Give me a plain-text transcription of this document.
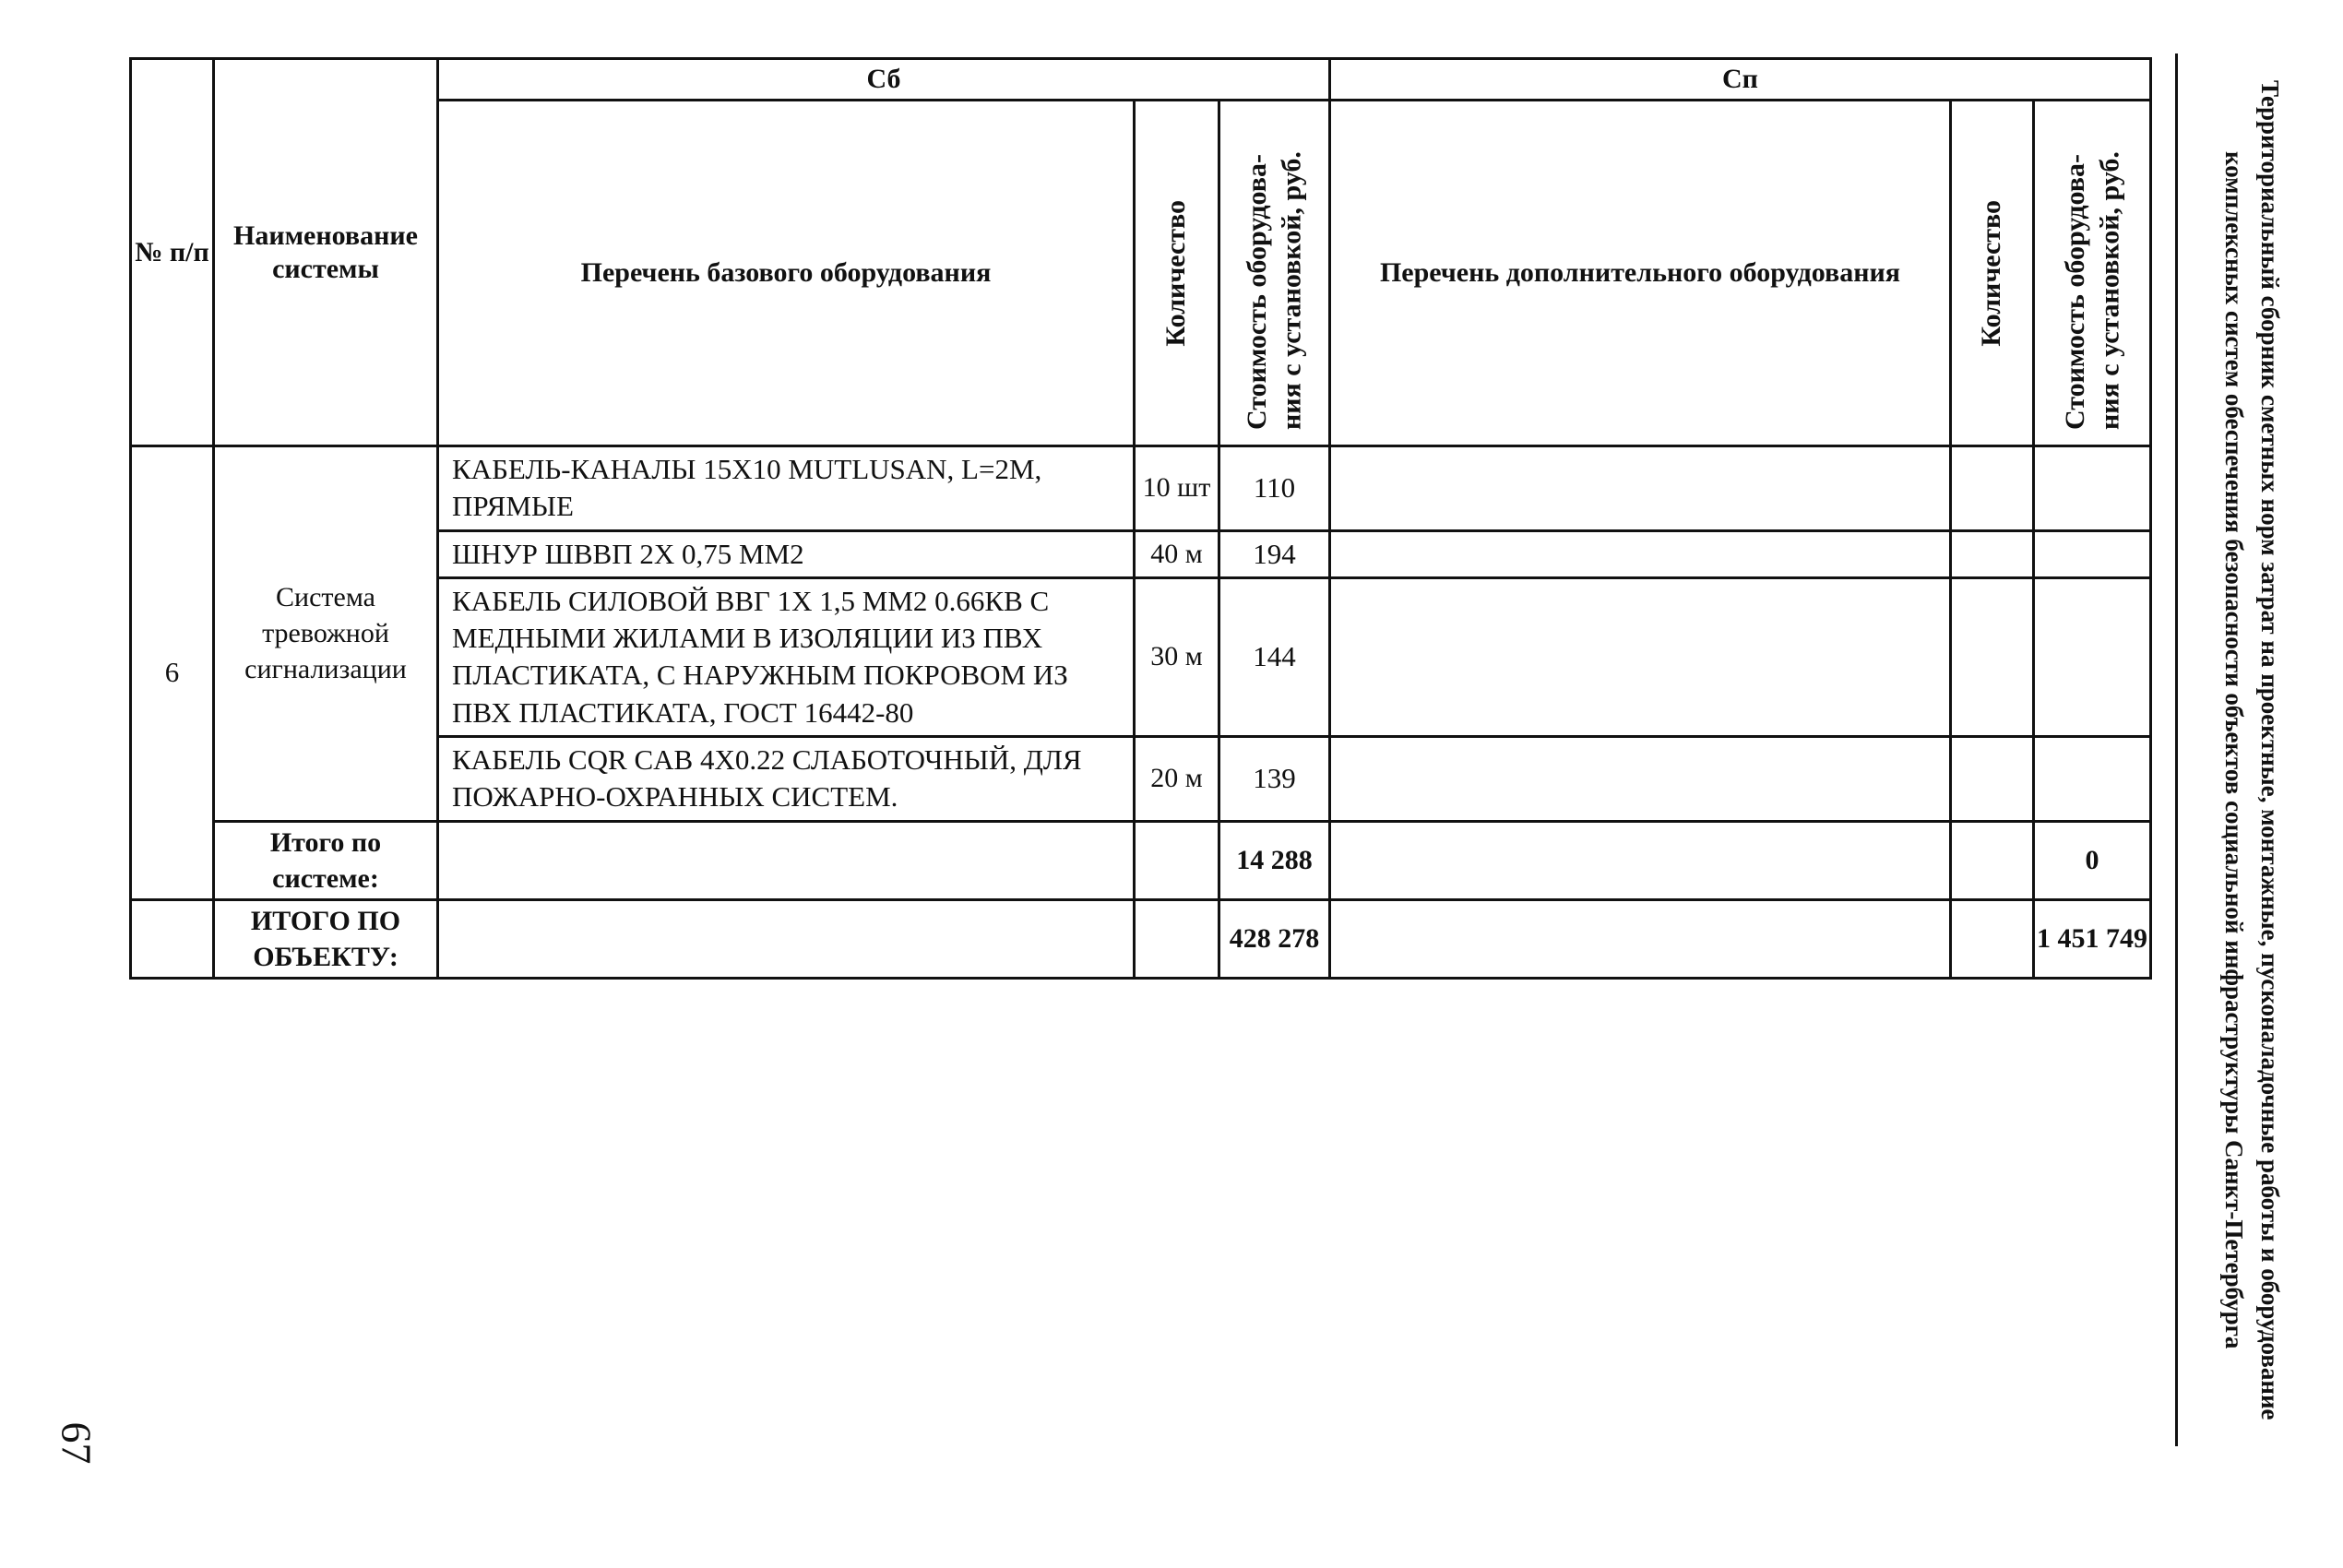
№ п/п	Наименование системы	Сб			Сп		
		Перечень базового оборудования	Количество	Стоимость оборудова-ния с установкой, руб.	Перечень дополнительного оборудования	Количество	Стоимость оборудова-ния с установкой, руб.

6	Система тревожной сигнализации	КАБЕЛЬ-КАНАЛЫ 15Х10 MUTLUSAN, L=2M, ПРЯМЫЕ	10 шт	110			
		ШНУР ШВВП 2Х 0,75 ММ2	40 м	194			
		КАБЕЛЬ СИЛОВОЙ ВВГ 1Х 1,5 ММ2 0.66КВ С МЕДНЫМИ ЖИЛАМИ В ИЗОЛЯЦИИ ИЗ ПВХ ПЛАСТИКАТА, С НАРУЖНЫМ ПОКРОВОМ ИЗ ПВХ ПЛАСТИКАТА, ГОСТ 16442-80	30 м	144			
		КАБЕЛЬ CQR CAB 4X0.22 СЛАБОТОЧНЫЙ, ДЛЯ ПОЖАРНО-ОХРАННЫХ СИСТЕМ.	20 м	139			
	Итого по системе:			14 288			0
	ИТОГО ПО ОБЪЕКТУ:			428 278			1 451 749	Территориальный сборник сметных норм затрат на проектные, монтажные, пусконаладочные работы и оборудование комплексных систем обеспечения безопасности объектов социальной инфраструктуры Санкт-Петербурга
67
